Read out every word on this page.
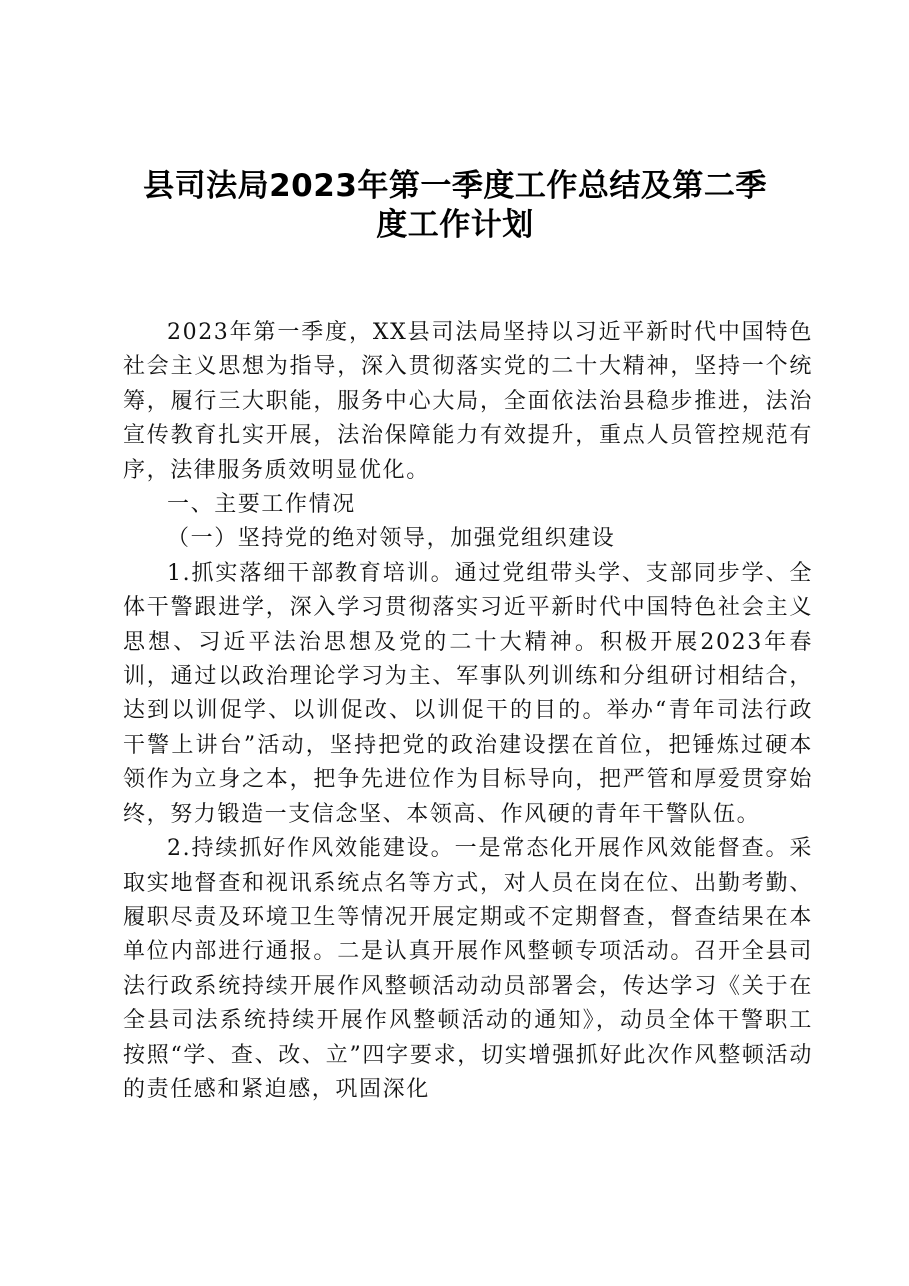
县司法局2023年第一季度工作总结及第二季
度工作计划

2023年第一季度，XX县司法局坚持以习近平新时代中国特色社会主义思想为指导，深入贯彻落实党的二十大精神，坚持一个统筹，履行三大职能，服务中心大局，全面依法治县稳步推进，法治宣传教育扎实开展，法治保障能力有效提升，重点人员管控规范有序，法律服务质效明显优化。

一、主要工作情况

（一）坚持党的绝对领导，加强党组织建设

1.抓实落细干部教育培训。通过党组带头学、支部同步学、全体干警跟进学，深入学习贯彻落实习近平新时代中国特色社会主义思想、习近平法治思想及党的二十大精神。积极开展2023年春训，通过以政治理论学习为主、军事队列训练和分组研讨相结合，达到以训促学、以训促改、以训促干的目的。举办“青年司法行政干警上讲台”活动，坚持把党的政治建设摆在首位，把锤炼过硬本领作为立身之本，把争先进位作为目标导向，把严管和厚爱贯穿始终，努力锻造一支信念坚、本领高、作风硬的青年干警队伍。

2.持续抓好作风效能建设。一是常态化开展作风效能督查。采取实地督查和视讯系统点名等方式，对人员在岗在位、出勤考勤、履职尽责及环境卫生等情况开展定期或不定期督查，督查结果在本单位内部进行通报。二是认真开展作风整顿专项活动。召开全县司法行政系统持续开展作风整顿活动动员部署会，传达学习《关于在全县司法系统持续开展作风整顿活动的通知》，动员全体干警职工按照“学、查、改、立”四字要求，切实增强抓好此次作风整顿活动的责任感和紧迫感，巩固深化
